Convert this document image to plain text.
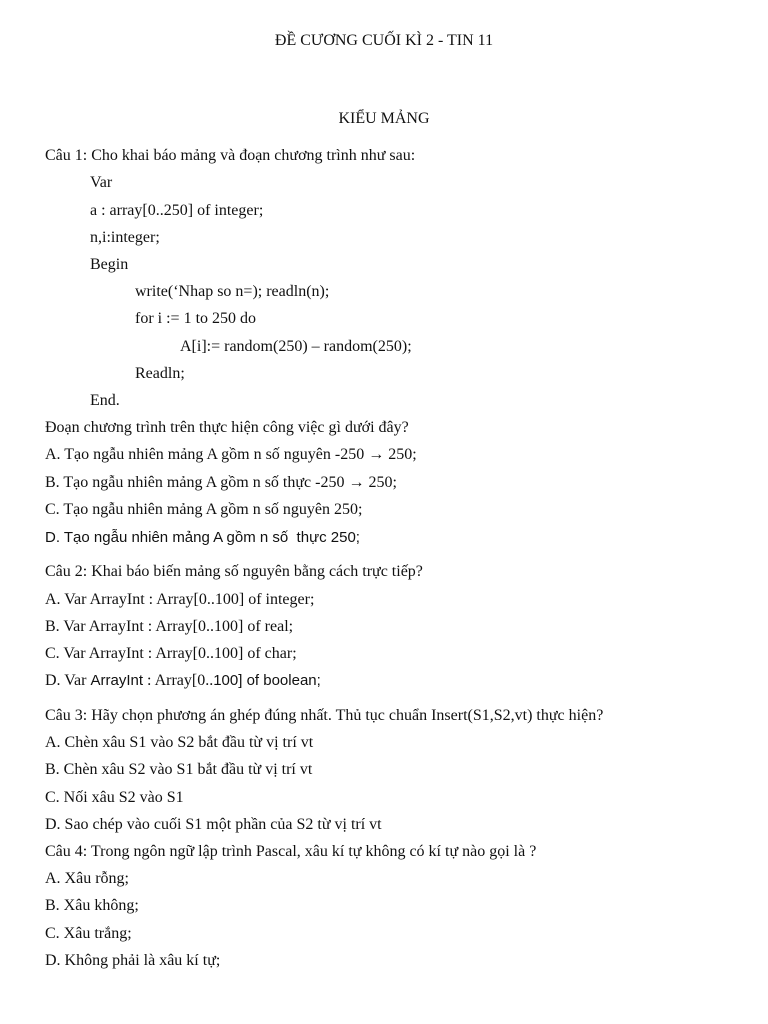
ĐỀ CƯƠNG CUỐI KÌ 2 - TIN 11
KIỂU MẢNG
Câu 1: Cho khai báo mảng và đoạn chương trình như sau:
Var
a : array[0..250] of integer;
n,i:integer;
Begin
write(‘Nhap so n=); readln(n);
for i := 1 to 250 do
A[i]:= random(250) – random(250);
Readln;
End.
Đoạn chương trình trên thực hiện công việc gì dưới đây?
A. Tạo ngẫu nhiên mảng A gồm n số nguyên -250 → 250;
B. Tạo ngẫu nhiên mảng A gồm n số thực -250 → 250;
C. Tạo ngẫu nhiên mảng A gồm n số nguyên 250;
D. Tạo ngẫu nhiên mảng A gồm n số  thực 250;
Câu 2: Khai báo biến mảng số nguyên bằng cách trực tiếp?
A. Var ArrayInt : Array[0..100] of integer;
B. Var ArrayInt : Array[0..100] of real;
C. Var ArrayInt : Array[0..100] of char;
D. Var ArrayInt : Array[0..100] of boolean;
Câu 3: Hãy chọn phương án ghép đúng nhất. Thủ tục chuẩn Insert(S1,S2,vt) thực hiện?
A. Chèn xâu S1 vào S2 bắt đầu từ vị trí vt
B. Chèn xâu S2 vào S1 bắt đầu từ vị trí vt
C. Nối xâu S2 vào S1
D. Sao chép vào cuối S1 một phần của S2 từ vị trí vt
Câu 4: Trong ngôn ngữ lập trình Pascal, xâu kí tự không có kí tự nào gọi là ?
A. Xâu rỗng;
B. Xâu không;
C. Xâu trắng;
D. Không phải là xâu kí tự;
